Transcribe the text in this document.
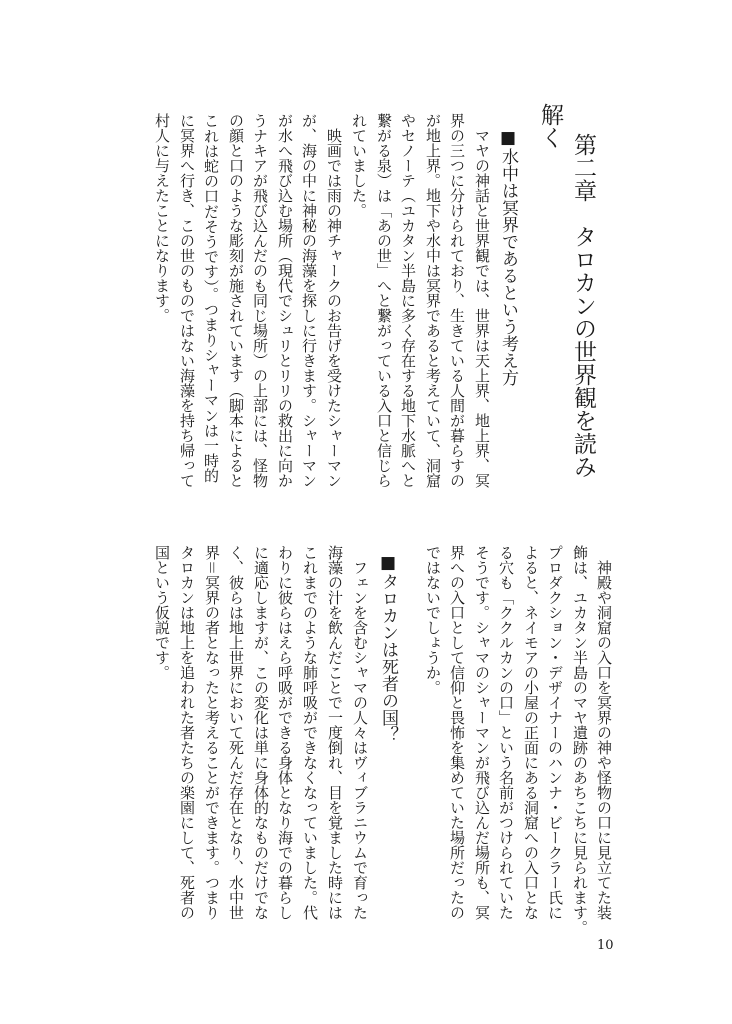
第二章　タロカンの世界観を読み
解く
■水中は冥界であるという考え方
■タロカンは死者の国？
マヤの神話と世界観では、世界は天上界、地上界、冥
界の三つに分けられており、生きている人間が暮らすの
が地上界。地下や水中は冥界であると考えていて、洞窟
やセノーテ（ユカタン半島に多く存在する地下水脈へと
繋がる泉）は「あの世」へと繋がっている入口と信じら
れていました。
映画では雨の神チャークのお告げを受けたシャーマン
が、海の中に神秘の海藻を探しに行きます。シャーマン
が水へ飛び込む場所（現代でシュリとリリの救出に向か
うナキアが飛び込んだのも同じ場所）の上部には、怪物
の顔と口のような彫刻が施されています（脚本によると
これは蛇の口だそうです）。つまりシャーマンは一時的
に冥界へ行き、この世のものではない海藻を持ち帰って
村人に与えたことになります。
神殿や洞窟の入口を冥界の神や怪物の口に見立てた装
飾は、ユカタン半島のマヤ遺跡のあちこちに見られます。
プロダクション・デザイナーのハンナ・ビークラー氏に
よると、ネイモアの小屋の正面にある洞窟への入口とな
る穴も「ククルカンの口」という名前がつけられていた
そうです。シャマのシャーマンが飛び込んだ場所も、冥
界への入口として信仰と畏怖を集めていた場所だったの
ではないでしょうか。
フェンを含むシャマの人々はヴィブラニウムで育った
海藻の汁を飲んだことで一度倒れ、目を覚ました時には
これまでのような肺呼吸ができなくなっていました。代
わりに彼らはえら呼吸ができる身体となり海での暮らし
に適応しますが、この変化は単に身体的なものだけでな
く、彼らは地上世界において死んだ存在となり、水中世
界＝冥界の者となったと考えることができます。つまり
タロカンは地上を追われた者たちの楽園にして、死者の
国という仮説です。
10
